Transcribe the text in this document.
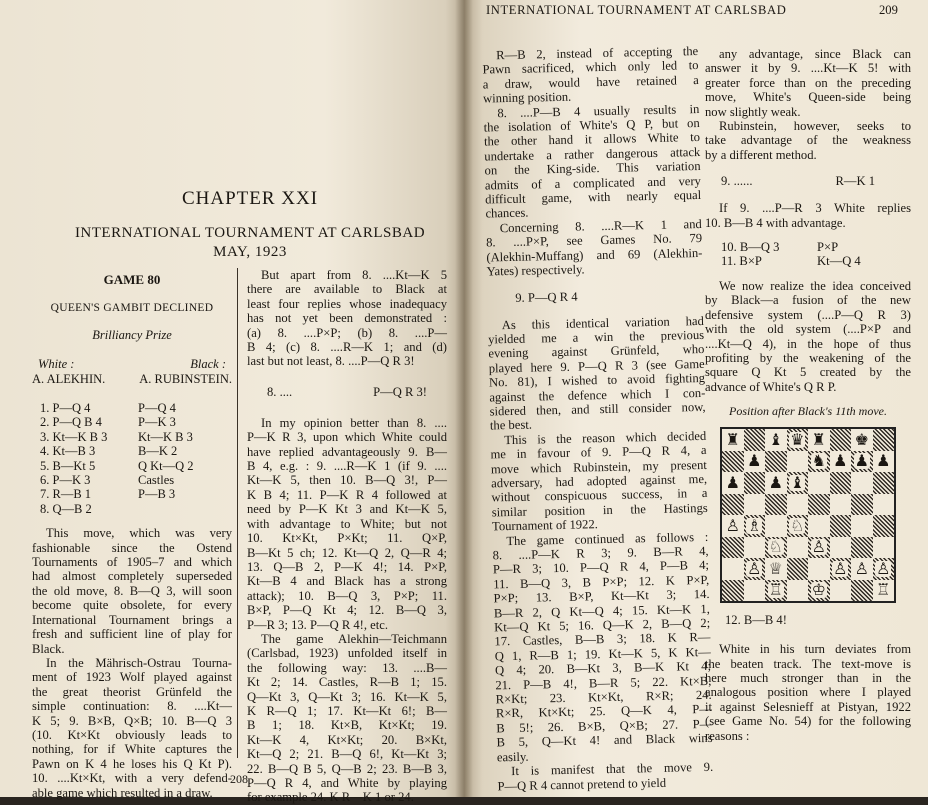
CHAPTER XXI
INTERNATIONAL TOURNAMENT AT CARLSBAD
MAY, 1923
GAME 80
QUEEN'S GAMBIT DECLINED
Brilliancy Prize
White :	Black :
A. ALEKHIN.	A. RUBINSTEIN.
1. P—Q 4	P—Q 4
2. P—Q B 4	P—K 3
3. Kt—K B 3	Kt—K B 3
4. Kt—B 3	B—K 2
5. B—Kt 5	Q Kt—Q 2
6. P—K 3	Castles
7. R—B 1	P—B 3
8. Q—B 2
This move, which was very
fashionable since the Ostend
Tournaments of 1905–7 and which
had almost completely superseded
the old move, 8. B—Q 3, will soon
become quite obsolete, for every
International Tournament brings a
fresh and sufficient line of play for
Black.
In the Mährisch-Ostrau Tourna-
ment of 1923 Wolf played against
the great theorist Grünfeld the
simple continuation: 8. ....Kt—
K 5; 9. B×B, Q×B; 10. B—Q 3
(10. Kt×Kt obviously leads to
nothing, for if White captures the
Pawn on K 4 he loses his Q Kt P).
10. ....Kt×Kt, with a very defend-
able game which resulted in a draw.
But apart from 8. ....Kt—K 5
there are available to Black at
least four replies whose inadequacy
has not yet been demonstrated :
(a) 8. ....P×P; (b) 8. ....P—
B 4; (c) 8. ....R—K 1; and (d)
last but not least, 8. ....P—Q R 3!
8. ....	P—Q R 3!
In my opinion better than 8. ....
P—K R 3, upon which White could
have replied advantageously 9. B—
B 4, e.g. : 9. ....R—K 1 (if 9. ....
Kt—K 5, then 10. B—Q 3!, P—
K B 4; 11. P—K R 4 followed at
need by P—K Kt 3 and Kt—K 5,
with advantage to White; but not
10. Kt×Kt, P×Kt; 11. Q×P,
B—Kt 5 ch; 12. Kt—Q 2, Q—R 4;
13. Q—B 2, P—K 4!; 14. P×P,
Kt—B 4 and Black has a strong
attack); 10. B—Q 3, P×P; 11.
B×P, P—Q Kt 4; 12. B—Q 3,
P—R 3; 13. P—Q R 4!, etc.
The game Alekhin—Teichmann
(Carlsbad, 1923) unfolded itself in
the following way: 13. ....B—
Kt 2; 14. Castles, R—B 1; 15.
Q—Kt 3, Q—Kt 3; 16. Kt—K 5,
K R—Q 1; 17. Kt—Kt 6!; B—
B 1; 18. Kt×B, Kt×Kt; 19.
Kt—K 4, Kt×Kt; 20. B×Kt,
Kt—Q 2; 21. B—Q 6!, Kt—Kt 3;
22. B—Q B 5, Q—B 2; 23. B—B 3,
P—Q R 4, and White by playing
for example 24. K R—K 1 or 24.
208
INTERNATIONAL TOURNAMENT AT CARLSBAD	209
R—B 2, instead of accepting the
Pawn sacrificed, which only led to
a draw, would have retained a
winning position.
8. ....P—B 4 usually results in
the isolation of White's Q P, but on
the other hand it allows White to
undertake a rather dangerous attack
on the King-side. This variation
admits of a complicated and very
difficult game, with nearly equal
chances.
Concerning 8. ....R—K 1 and
8. ....P×P, see Games No. 79
(Alekhin-Muffang) and 69 (Alekhin-
Yates) respectively.
9. P—Q R 4
As this identical variation had
yielded me a win the previous
evening against Grünfeld, who
played here 9. P—Q R 3 (see Game
No. 81), I wished to avoid fighting
against the defence which I con-
sidered then, and still consider now,
the best.
This is the reason which decided
me in favour of 9. P—Q R 4, a
move which Rubinstein, my present
adversary, had adopted against me,
without conspicuous success, in a
similar position in the Hastings
Tournament of 1922.
The game continued as follows :
8. ....P—K R 3; 9. B—R 4,
P—R 3; 10. P—Q R 4, P—B 4;
11. B—Q 3, B P×P; 12. K P×P,
P×P; 13. B×P, Kt—Kt 3; 14.
B—R 2, Q Kt—Q 4; 15. Kt—K 1,
Kt—Q Kt 5; 16. Q—K 2, B—Q 2;
17. Castles, B—B 3; 18. K R—
Q 1, R—B 1; 19. Kt—K 5, K Kt—
Q 4; 20. B—Kt 3, B—K Kt 4;
21. P—B 4!, B—R 5; 22. Kt×B,
R×Kt; 23. Kt×Kt, R×R; 24.
R×R, Kt×Kt; 25. Q—K 4, P—
B 5!; 26. B×B, Q×B; 27. P—
B 5, Q—Kt 4! and Black wins
easily.
It is manifest that the move 9.
P—Q R 4 cannot pretend to yield
any advantage, since Black can
answer it by 9. ....Kt—K 5! with
greater force than on the preceding
move, White's Queen-side being
now slightly weak.
Rubinstein, however, seeks to
take advantage of the weakness
by a different method.
9. ......	R—K 1
If 9. ....P—R 3 White replies
10. B—B 4 with advantage.
10. B—Q 3	P×P
11. B×P	Kt—Q 4
We now realize the idea conceived
by Black—a fusion of the new
defensive system (....P—Q R 3)
with the old system (....P×P and
....Kt—Q 4), in the hope of thus
profiting by the weakening of the
square Q Kt 5 created by the
advance of White's Q R P.
Position after Black's 11th move.
♜ ♝ ♛ ♜ ♚
♟	♞ ♟ ♟ ♟
♟ ♟ ♝
♙ ♗ ♘
♘ ♙
♙ ♕	♙ ♙ ♙
♖ ♔	♖
12. B—B 4!
White in his turn deviates from
the beaten track. The text-move is
here much stronger than in the
analogous position where I played
it against Selesnieff at Pistyan, 1922
(see Game No. 54) for the following
reasons :
